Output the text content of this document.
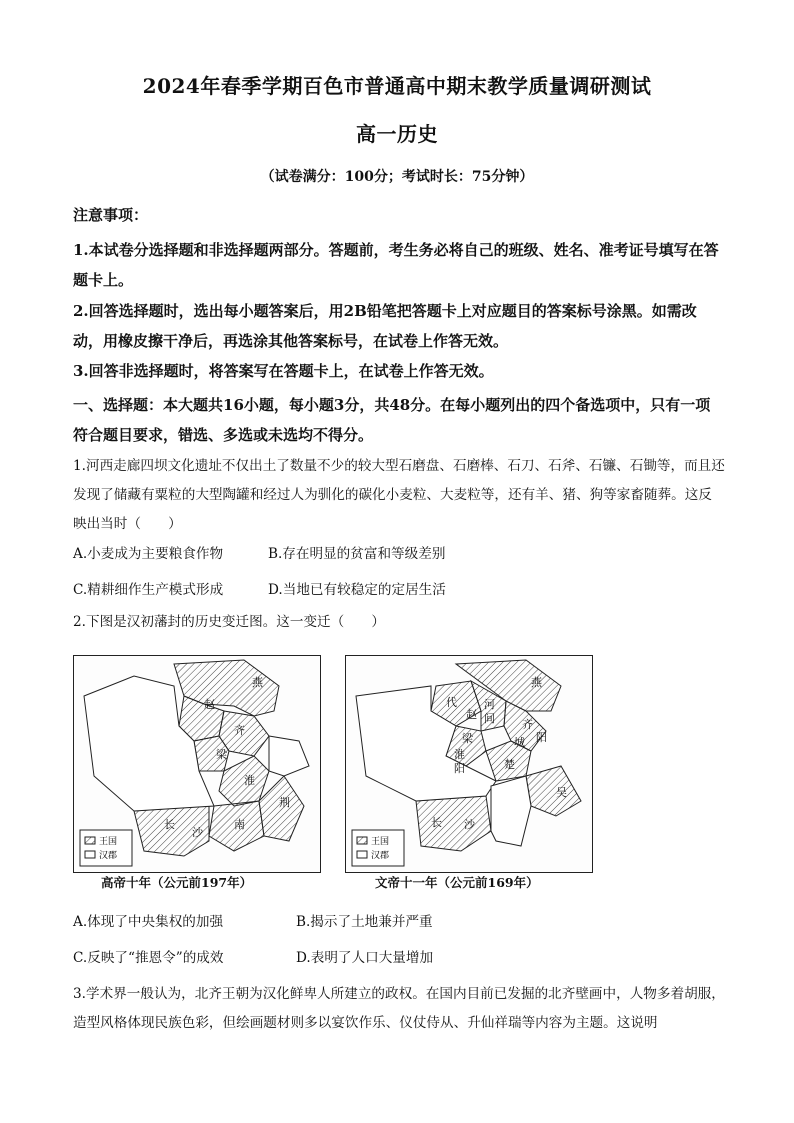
2024年春季学期百色市普通高中期末教学质量调研测试
高一历史
（试卷满分：100分；考试时长：75分钟）
注意事项：
1.本试卷分选择题和非选择题两部分。答题前，考生务必将自己的班级、姓名、准考证号填写在答题卡上。
2.回答选择题时，选出每小题答案后，用2B铅笔把答题卡上对应题目的答案标号涂黑。如需改动，用橡皮擦干净后，再选涂其他答案标号，在试卷上作答无效。
3.回答非选择题时，将答案写在答题卡上，在试卷上作答无效。
一、选择题：本大题共16小题，每小题3分，共48分。在每小题列出的四个备选项中，只有一项符合题目要求，错选、多选或未选均不得分。
1.河西走廊四坝文化遗址不仅出土了数量不少的较大型石磨盘、石磨棒、石刀、石斧、石镰、石锄等，而且还发现了储藏有粟粒的大型陶罐和经过人为驯化的碳化小麦粒、大麦粒等，还有羊、猪、狗等家畜随葬。这反映出当时（　　）
A.小麦成为主要粮食作物	B.存在明显的贫富和等级差别
C.精耕细作生产模式形成	D.当地已有较稳定的定居生活
2.下图是汉初藩封的历史变迁图。这一变迁（　　）
燕
赵
齐
梁
淮
荆
南
长
沙
王国
汉郡
高帝十年（公元前197年）
燕
代
赵
河
间 齐
城 阳
梁
淮
阳	楚
吴
长 沙
王国
汉郡
文帝十一年（公元前169年）
A.体现了中央集权的加强	B.揭示了土地兼并严重
C.反映了“推恩令”的成效	D.表明了人口大量增加
3.学术界一般认为，北齐王朝为汉化鲜卑人所建立的政权。在国内目前已发掘的北齐壁画中，人物多着胡服，造型风格体现民族色彩，但绘画题材则多以宴饮作乐、仪仗侍从、升仙祥瑞等内容为主题。这说明
